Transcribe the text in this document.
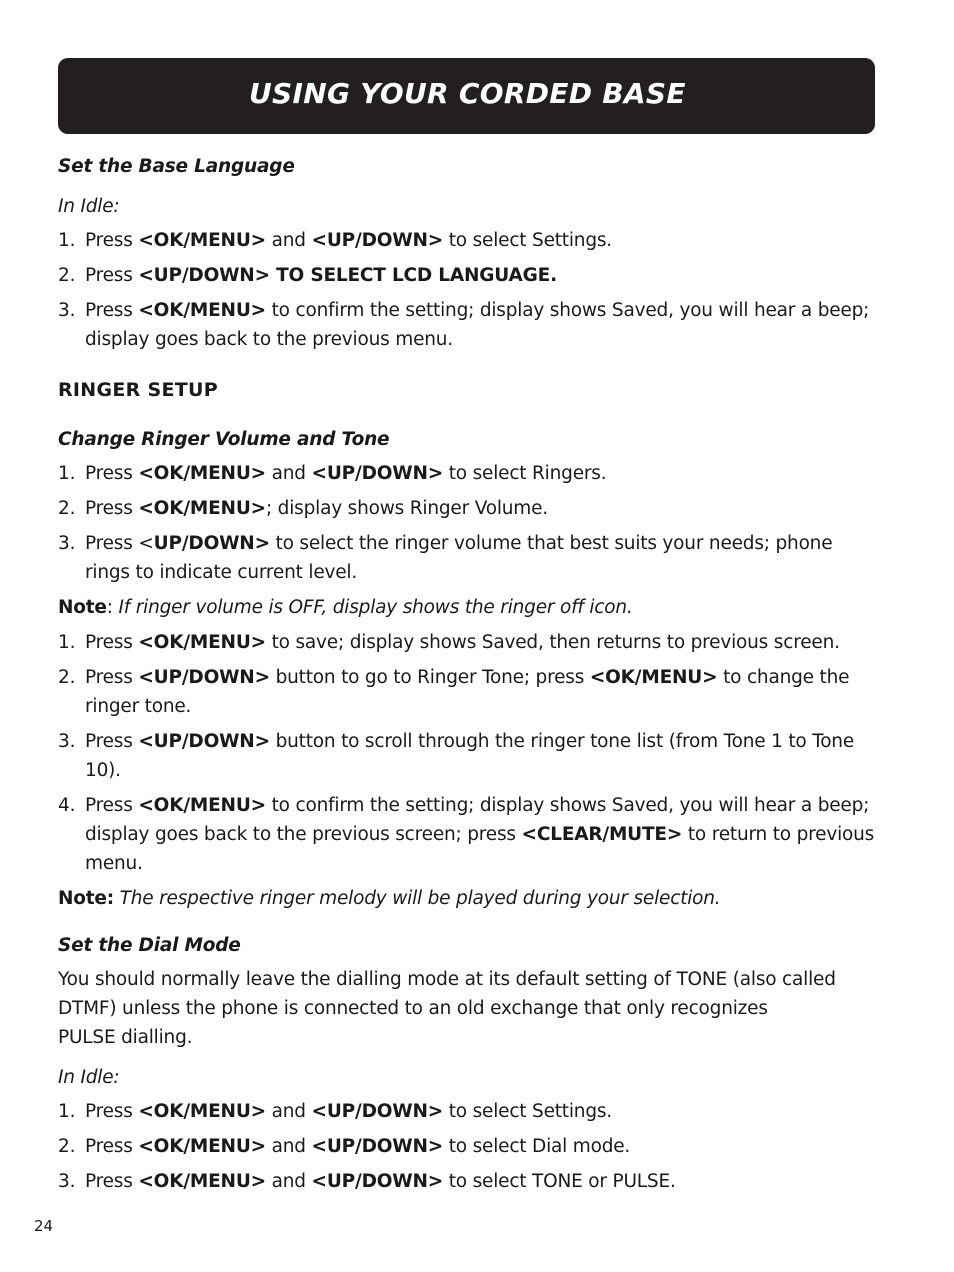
USING YOUR CORDED BASE
Set the Base Language
In Idle:
1. Press <OK/MENU> and <UP/DOWN> to select Settings.
2. Press <UP/DOWN> TO SELECT LCD LANGUAGE.
3. Press <OK/MENU> to confirm the setting; display shows Saved, you will hear a beep; display goes back to the previous menu.
RINGER SETUP
Change Ringer Volume and Tone
1. Press <OK/MENU> and <UP/DOWN> to select Ringers.
2. Press <OK/MENU>; display shows Ringer Volume.
3. Press <UP/DOWN> to select the ringer volume that best suits your needs; phone rings to indicate current level.
Note: If ringer volume is OFF, display shows the ringer off icon.
1. Press <OK/MENU> to save; display shows Saved, then returns to previous screen.
2. Press <UP/DOWN> button to go to Ringer Tone; press <OK/MENU> to change the ringer tone.
3. Press <UP/DOWN> button to scroll through the ringer tone list (from Tone 1 to Tone 10).
4. Press <OK/MENU> to confirm the setting; display shows Saved, you will hear a beep; display goes back to the previous screen; press <CLEAR/MUTE> to return to previous menu.
Note: The respective ringer melody will be played during your selection.
Set the Dial Mode
You should normally leave the dialling mode at its default setting of TONE (also called DTMF) unless the phone is connected to an old exchange that only recognizes
PULSE dialling.
In Idle:
1. Press <OK/MENU> and <UP/DOWN> to select Settings.
2. Press <OK/MENU> and <UP/DOWN> to select Dial mode.
3. Press <OK/MENU> and <UP/DOWN> to select TONE or PULSE.
24
